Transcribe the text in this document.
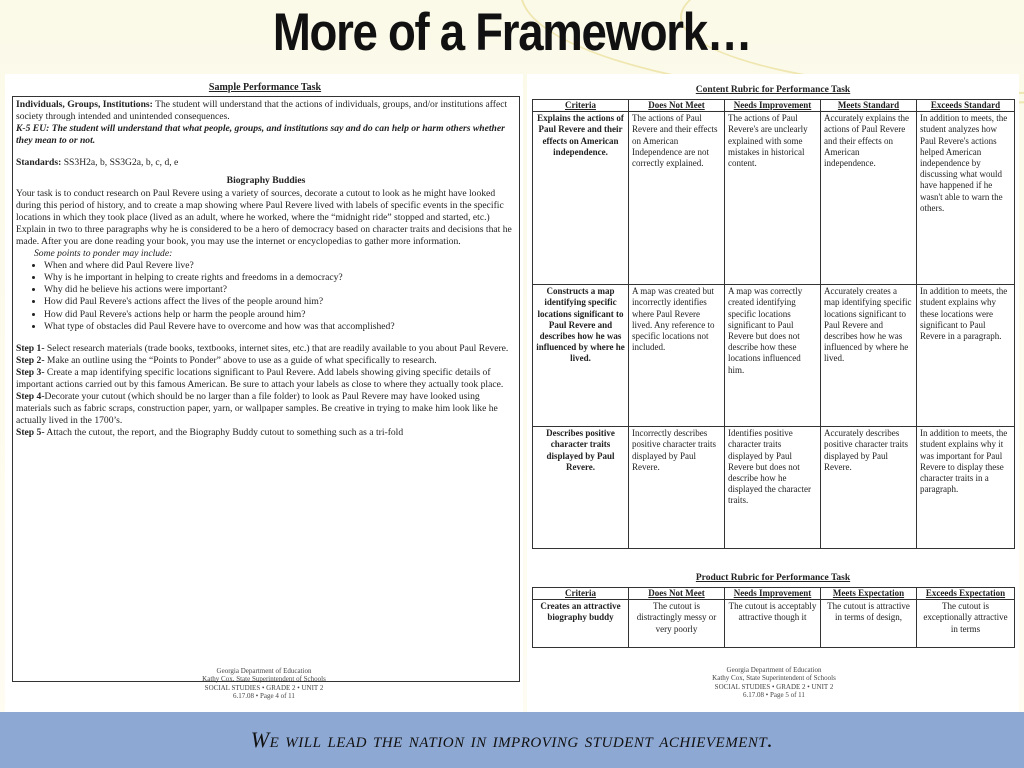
More of a Framework…
Sample Performance Task

Individuals, Groups, Institutions: The student will understand that the actions of individuals, groups, and/or institutions affect society through intended and unintended consequences.

K-5 EU: The student will understand that what people, groups, and institutions say and do can help or harm others whether they mean to or not.

Standards: SS3H2a, b, SS3G2a, b, c, d, e

Biography Buddies

Your task is to conduct research on Paul Revere using a variety of sources, decorate a cutout to look as he might have looked during this period of history, and to create a map showing where Paul Revere lived with labels of specific events in the specific locations in which they took place (lived as an adult, where he worked, where the “midnight ride” stopped and started, etc.) Explain in two to three paragraphs why he is considered to be a hero of democracy based on character traits and decisions that he made. After you are done reading your book, you may use the internet or encyclopedias to gather more information.

Some points to ponder may include:

• When and where did Paul Revere live?
• Why is he important in helping to create rights and freedoms in a democracy?
• Why did he believe his actions were important?
• How did Paul Revere's actions affect the lives of the people around him?
• How did Paul Revere's actions help or harm the people around him?
• What type of obstacles did Paul Revere have to overcome and how was that accomplished?

Step 1- Select research materials (trade books, textbooks, internet sites, etc.) that are readily available to you about Paul Revere.

Step 2- Make an outline using the “Points to Ponder” above to use as a guide of what specifically to research.

Step 3- Create a map identifying specific locations significant to Paul Revere. Add labels showing giving specific details of important actions carried out by this famous American. Be sure to attach your labels as close to where they actually took place.

Step 4-Decorate your cutout (which should be no larger than a file folder) to look as Paul Revere may have looked using materials such as fabric scraps, construction paper, yarn, or wallpaper samples. Be creative in trying to make him look like he actually lived in the 1700’s.

Step 5- Attach the cutout, the report, and the Biography Buddy cutout to something such as a tri-fold

Georgia Department of Education
Kathy Cox, State Superintendent of Schools
SOCIAL STUDIES • GRADE 2 • UNIT 2
6.17.08 • Page 4 of 11
Content Rubric for Performance Task
Criteria	Does Not Meet	Needs Improvement	Meets Standard	Exceeds Standard
Explains the actions of Paul Revere and their effects on American independence.	The actions of Paul Revere and their effects on American Independence are not correctly explained.	The actions of Paul Revere's are unclearly explained with some mistakes in historical content.	Accurately explains the actions of Paul Revere and their effects on American independence.	In addition to meets, the student analyzes how Paul Revere's actions helped American independence by discussing what would have happened if he wasn't able to warn the others.
Constructs a map identifying specific locations significant to Paul Revere and describes how he was influenced by where he lived.	A map was created but incorrectly identifies where Paul Revere lived. Any reference to specific locations not included.	A map was correctly created identifying specific locations significant to Paul Revere but does not describe how these locations influenced him.	Accurately creates a map identifying specific locations significant to Paul Revere and describes how he was influenced by where he lived.	In addition to meets, the student explains why these locations were significant to Paul Revere in a paragraph.
Describes positive character traits displayed by Paul Revere.	Incorrectly describes positive character traits displayed by Paul Revere.	Identifies positive character traits displayed by Paul Revere but does not describe how he displayed the character traits.	Accurately describes positive character traits displayed by Paul Revere.	In addition to meets, the student explains why it was important for Paul Revere to display these character traits in a paragraph.
Product Rubric for Performance Task
Criteria	Does Not Meet	Needs Improvement	Meets Expectation	Exceeds Expectation
Creates an attractive biography buddy	The cutout is distractingly messy or very poorly	The cutout is acceptably attractive though it	The cutout is attractive in terms of design,	The cutout is exceptionally attractive in terms
Georgia Department of Education
Kathy Cox, State Superintendent of Schools
SOCIAL STUDIES • GRADE 2 • UNIT 2
6.17.08 • Page 5 of 11
We will lead the nation in improving student achievement.
